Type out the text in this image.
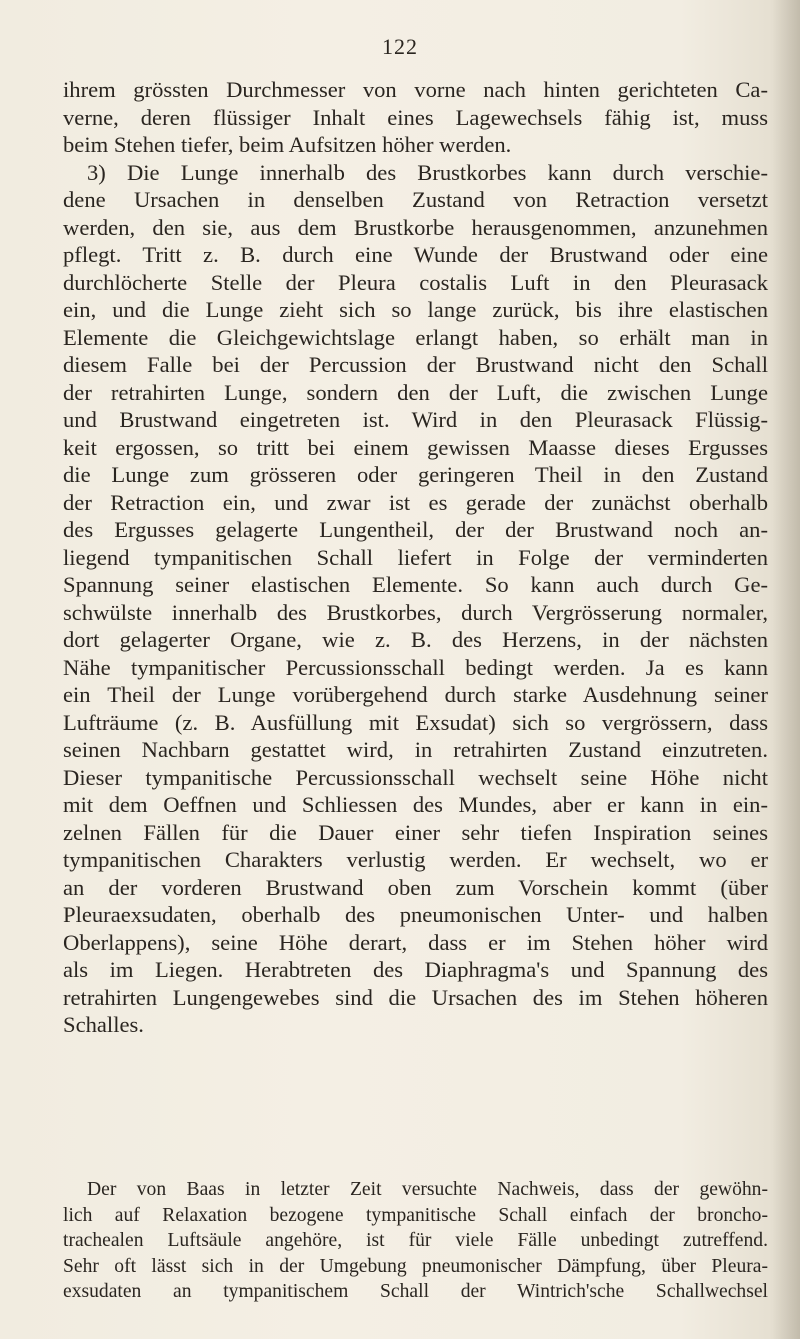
122
ihrem grössten Durchmesser von vorne nach hinten gerichteten Ca-
verne, deren flüssiger Inhalt eines Lagewechsels fähig ist, muss
beim Stehen tiefer, beim Aufsitzen höher werden.
3) Die Lunge innerhalb des Brustkorbes kann durch verschie-
dene Ursachen in denselben Zustand von Retraction versetzt
werden, den sie, aus dem Brustkorbe herausgenommen, anzunehmen
pflegt. Tritt z. B. durch eine Wunde der Brustwand oder eine
durchlöcherte Stelle der Pleura costalis Luft in den Pleurasack
ein, und die Lunge zieht sich so lange zurück, bis ihre elastischen
Elemente die Gleichgewichtslage erlangt haben, so erhält man in
diesem Falle bei der Percussion der Brustwand nicht den Schall
der retrahirten Lunge, sondern den der Luft, die zwischen Lunge
und Brustwand eingetreten ist. Wird in den Pleurasack Flüssig-
keit ergossen, so tritt bei einem gewissen Maasse dieses Ergusses
die Lunge zum grösseren oder geringeren Theil in den Zustand
der Retraction ein, und zwar ist es gerade der zunächst oberhalb
des Ergusses gelagerte Lungentheil, der der Brustwand noch an-
liegend tympanitischen Schall liefert in Folge der verminderten
Spannung seiner elastischen Elemente. So kann auch durch Ge-
schwülste innerhalb des Brustkorbes, durch Vergrösserung normaler,
dort gelagerter Organe, wie z. B. des Herzens, in der nächsten
Nähe tympanitischer Percussionsschall bedingt werden. Ja es kann
ein Theil der Lunge vorübergehend durch starke Ausdehnung seiner
Lufträume (z. B. Ausfüllung mit Exsudat) sich so vergrössern, dass
seinen Nachbarn gestattet wird, in retrahirten Zustand einzutreten.
Dieser tympanitische Percussionsschall wechselt seine Höhe nicht
mit dem Oeffnen und Schliessen des Mundes, aber er kann in ein-
zelnen Fällen für die Dauer einer sehr tiefen Inspiration seines
tympanitischen Charakters verlustig werden. Er wechselt, wo er
an der vorderen Brustwand oben zum Vorschein kommt (über
Pleuraexsudaten, oberhalb des pneumonischen Unter- und halben
Oberlappens), seine Höhe derart, dass er im Stehen höher wird
als im Liegen. Herabtreten des Diaphragma's und Spannung des
retrahirten Lungengewebes sind die Ursachen des im Stehen höheren
Schalles.
Der von Baas in letzter Zeit versuchte Nachweis, dass der gewöhn-
lich auf Relaxation bezogene tympanitische Schall einfach der broncho-
trachealen Luftsäule angehöre, ist für viele Fälle unbedingt zutreffend.
Sehr oft lässt sich in der Umgebung pneumonischer Dämpfung, über Pleura-
exsudaten an tympanitischem Schall der Wintrich'sche Schallwechsel
